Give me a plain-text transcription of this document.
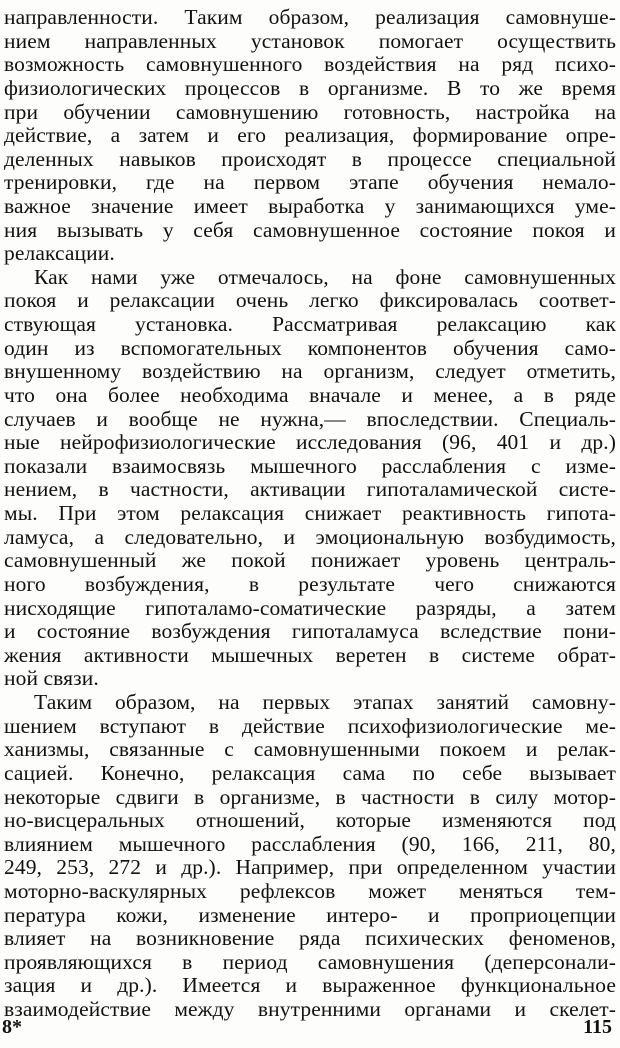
направленности. Таким образом, реализация самовнуше-
нием направленных установок помогает осуществить
возможность самовнушенного воздействия на ряд психо-
физиологических процессов в организме. В то же время
при обучении самовнушению готовность, настройка на
действие, а затем и его реализация, формирование опре-
деленных навыков происходят в процессе специальной
тренировки, где на первом этапе обучения немало-
важное значение имеет выработка у занимающихся уме-
ния вызывать у себя самовнушенное состояние покоя и
релаксации.
Как нами уже отмечалось, на фоне самовнушенных
покоя и релаксации очень легко фиксировалась соответ-
ствующая установка. Рассматривая релаксацию как
один из вспомогательных компонентов обучения само-
внушенному воздействию на организм, следует отметить,
что она более необходима вначале и менее, а в ряде
случаев и вообще не нужна,— впоследствии. Специаль-
ные нейрофизиологические исследования (96, 401 и др.)
показали взаимосвязь мышечного расслабления с изме-
нением, в частности, активации гипоталамической систе-
мы. При этом релаксация снижает реактивность гипота-
ламуса, а следовательно, и эмоциональную возбудимость,
самовнушенный же покой понижает уровень централь-
ного возбуждения, в результате чего снижаются
нисходящие гипоталамо-соматические разряды, а затем
и состояние возбуждения гипоталамуса вследствие пони-
жения активности мышечных веретен в системе обрат-
ной связи.
Таким образом, на первых этапах занятий самовну-
шением вступают в действие психофизиологические ме-
ханизмы, связанные с самовнушенными покоем и релак-
сацией. Конечно, релаксация сама по себе вызывает
некоторые сдвиги в организме, в частности в силу мотор-
но-висцеральных отношений, которые изменяются под
влиянием мышечного расслабления (90, 166, 211, 80,
249, 253, 272 и др.). Например, при определенном участии
моторно-васкулярных рефлексов может меняться тем-
пература кожи, изменение интеро- и проприоцепции
влияет на возникновение ряда психических феноменов,
проявляющихся в период самовнушения (деперсонали-
зация и др.). Имеется и выраженное функциональное
взаимодействие между внутренними органами и скелет-
8*	115
